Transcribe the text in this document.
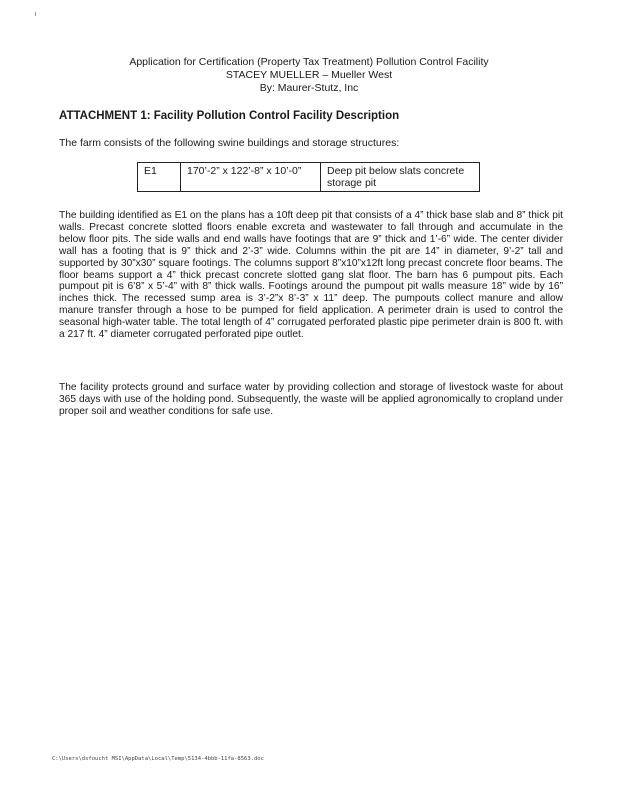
Application for Certification (Property Tax Treatment) Pollution Control Facility
STACEY MUELLER – Mueller West
By: Maurer-Stutz, Inc
ATTACHMENT 1: Facility Pollution Control Facility Description
The farm consists of the following swine buildings and storage structures:
E1	170’-2” x 122’-8” x 10’-0”	Deep pit below slats concrete storage pit
The building identified as E1 on the plans has a 10ft deep pit that consists of a 4” thick base slab and 8” thick pit walls. Precast concrete slotted floors enable excreta and wastewater to fall through and accumulate in the below floor pits. The side walls and end walls have footings that are 9” thick and 1’-6” wide. The center divider wall has a footing that is 9” thick and 2’-3” wide. Columns within the pit are 14” in diameter, 9’-2” tall and supported by 30”x30” square footings. The columns support 8”x10”x12ft long precast concrete floor beams. The floor beams support a 4” thick precast concrete slotted gang slat floor. The barn has 6 pumpout pits. Each pumpout pit is 6’8” x 5’-4” with 8” thick walls. Footings around the pumpout pit walls measure 18” wide by 16” inches thick. The recessed sump area is 3’-2”x 8’-3” x 11” deep. The pumpouts collect manure and allow manure transfer through a hose to be pumped for field application. A perimeter drain is used to control the seasonal high-water table. The total length of 4” corrugated perforated plastic pipe perimeter drain is 800 ft. with a 217 ft. 4” diameter corrugated perforated pipe outlet.
The facility protects ground and surface water by providing collection and storage of livestock waste for about 365 days with use of the holding pond. Subsequently, the waste will be applied agronomically to cropland under proper soil and weather conditions for safe use.
C:\Users\dsfoucht MSI\AppData\Local\Temp\5134-4bbb-11fa-8563.doc
